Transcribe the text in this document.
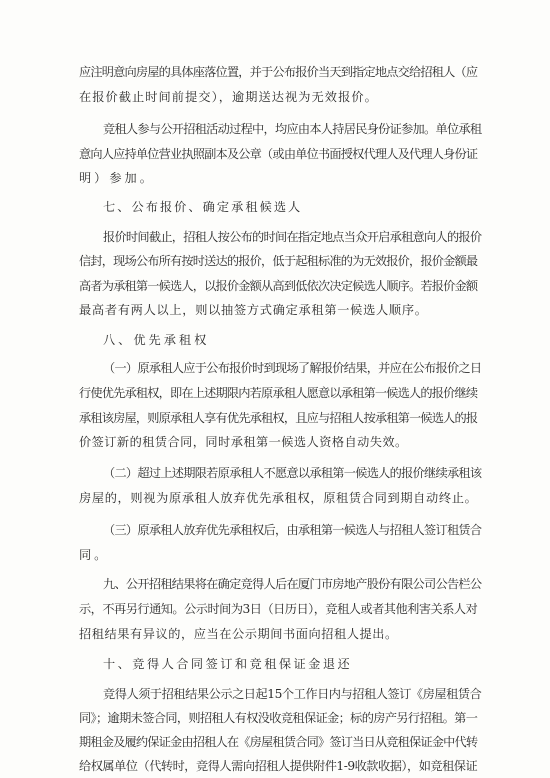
应注明意向房屋的具体座落位置，并于公布报价当天到指定地点交给招租人（应
在报价截止时间前提交），逾期送达视为无效报价。
竞租人参与公开招租活动过程中，均应由本人持居民身份证参加。单位承租
意向人应持单位营业执照副本及公章（或由单位书面授权代理人及代理人身份证
明）参加。
七、公布报价、确定承租候选人
报价时间截止，招租人按公布的时间在指定地点当众开启承租意向人的报价
信封，现场公布所有按时送达的报价，低于起租标准的为无效报价，报价金额最
高者为承租第一候选人，以报价金额从高到低依次决定候选人顺序。若报价金额
最高者有两人以上，则以抽签方式确定承租第一候选人顺序。
八、优先承租权
（一）原承租人应于公布报价时到现场了解报价结果，并应在公布报价之日
行使优先承租权，即在上述期限内若原承租人愿意以承租第一候选人的报价继续
承租该房屋，则原承租人享有优先承租权，且应与招租人按承租第一候选人的报
价签订新的租赁合同，同时承租第一候选人资格自动失效。
（二）超过上述期限若原承租人不愿意以承租第一候选人的报价继续承租该
房屋的，则视为原承租人放弃优先承租权，原租赁合同到期自动终止。
（三）原承租人放弃优先承租权后，由承租第一候选人与招租人签订租赁合
同。
九、公开招租结果将在确定竞得人后在厦门市房地产股份有限公司公告栏公
示，不再另行通知。公示时间为3日（日历日），竞租人或者其他利害关系人对
招租结果有异议的，应当在公示期间书面向招租人提出。
十、竞得人合同签订和竞租保证金退还
竞得人须于招租结果公示之日起15个工作日内与招租人签订《房屋租赁合
同》；逾期未签合同，则招租人有权没收竞租保证金；标的房产另行招租。第一
期租金及履约保证金由招租人在《房屋租赁合同》签订当日从竞租保证金中代转
给权属单位（代转时，竞得人需向招租人提供附件1-9收款收据），如竞租保证
